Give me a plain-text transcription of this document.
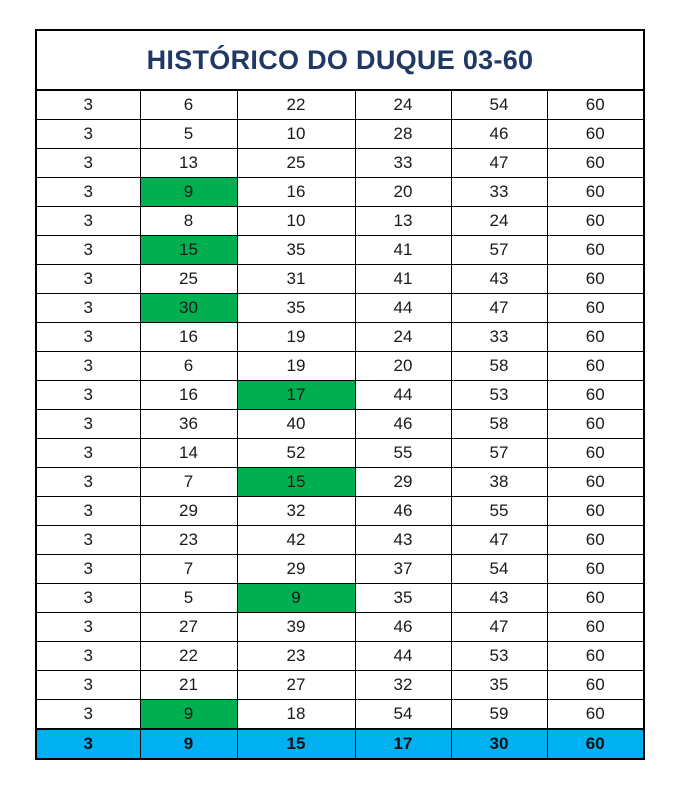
HISTÓRICO DO DUQUE 03-60					
3	6	22	24	54	60
3	5	10	28	46	60
3	13	25	33	47	60
3	9	16	20	33	60
3	8	10	13	24	60
3	15	35	41	57	60
3	25	31	41	43	60
3	30	35	44	47	60
3	16	19	24	33	60
3	6	19	20	58	60
3	16	17	44	53	60
3	36	40	46	58	60
3	14	52	55	57	60
3	7	15	29	38	60
3	29	32	46	55	60
3	23	42	43	47	60
3	7	29	37	54	60
3	5	9	35	43	60
3	27	39	46	47	60
3	22	23	44	53	60
3	21	27	32	35	60
3	9	18	54	59	60
3	9	15	17	30	60
